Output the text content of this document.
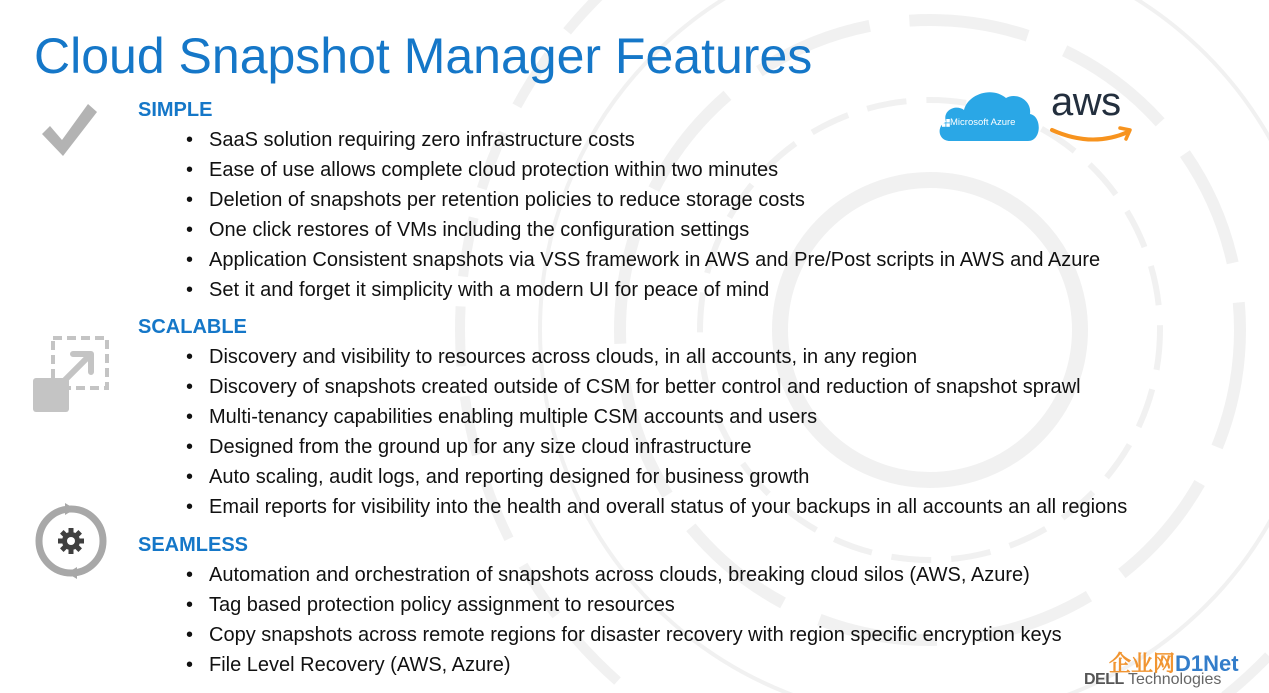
Cloud Snapshot Manager Features
Microsoft Azure aws
SIMPLE
• SaaS solution requiring zero infrastructure costs
• Ease of use allows complete cloud protection within two minutes
• Deletion of snapshots per retention policies to reduce storage costs
• One click restores of VMs including the configuration settings
• Application Consistent snapshots via VSS framework in AWS and Pre/Post scripts in AWS and Azure
• Set it and forget it simplicity with a modern UI for peace of mind
SCALABLE
• Discovery and visibility to resources across clouds, in all accounts, in any region
• Discovery of snapshots created outside of CSM for better control and reduction of snapshot sprawl
• Multi-tenancy capabilities enabling multiple CSM accounts and users
• Designed from the ground up for any size cloud infrastructure
• Auto scaling, audit logs, and reporting designed for business growth
• Email reports for visibility into the health and overall status of your backups in all accounts an all regions
SEAMLESS
• Automation and orchestration of snapshots across clouds, breaking cloud silos (AWS, Azure)
• Tag based protection policy assignment to resources
• Copy snapshots across remote regions for disaster recovery with region specific encryption keys
• File Level Recovery (AWS, Azure)
DELL Technologies
企业网D1Net
